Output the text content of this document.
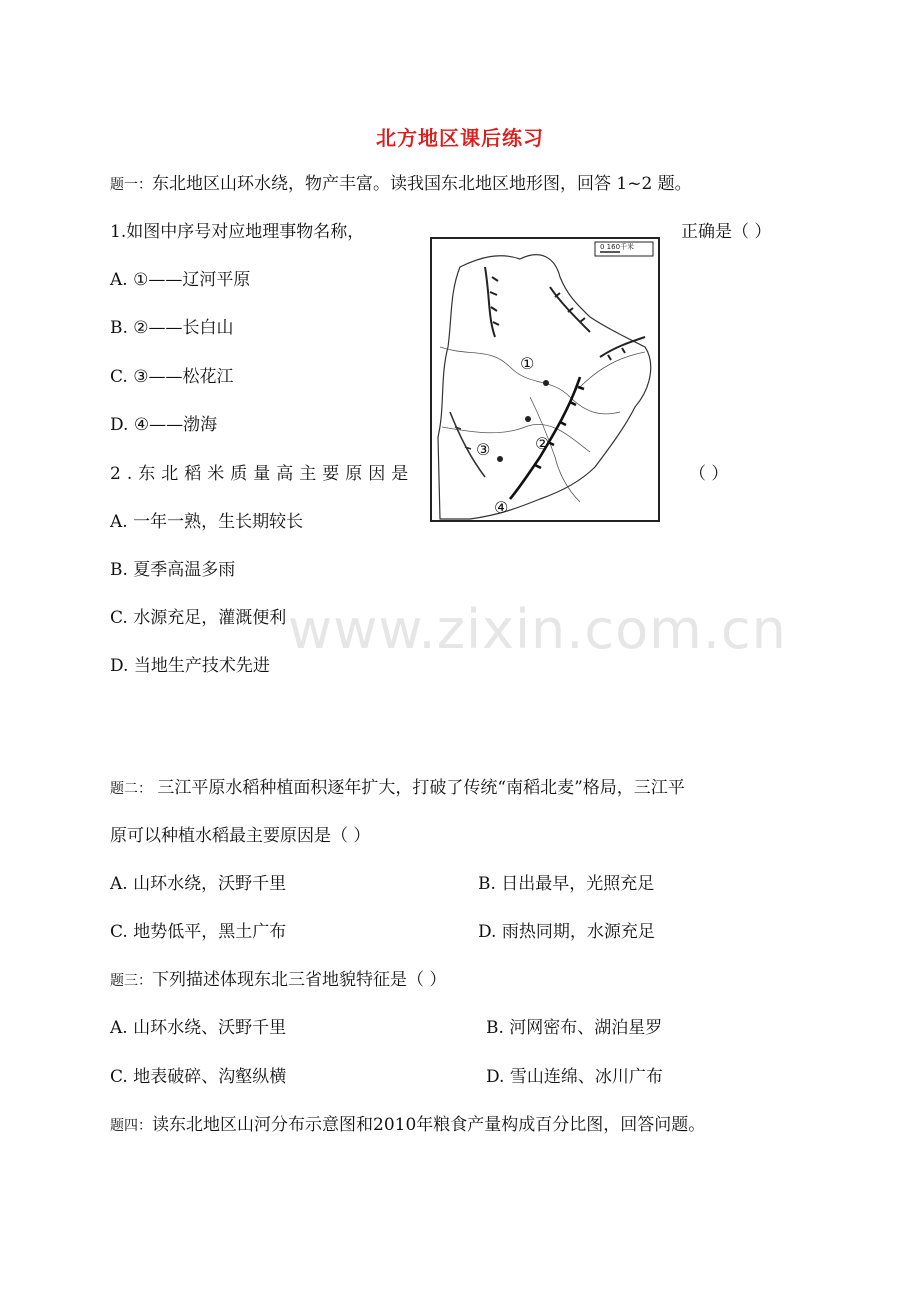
www.zixin.com.cn
北方地区课后练习
题一：东北地区山环水绕，物产丰富。读我国东北地区地形图，回答 1~2 题。
1.如图中序号对应地理事物名称，	正确是（ ）
A. ①——辽河平原
B. ②——长白山
C. ③——松花江
D. ④——渤海
2.东北稻米质量高主要原因是	（ ）
A. 一年一熟，生长期较长
B. 夏季高温多雨
C. 水源充足，灌溉便利
D. 当地生产技术先进
0 160千米
①
②
③
④
题二： 三江平原水稻种植面积逐年扩大，打破了传统“南稻北麦”格局，三江平
原可以种植水稻最主要原因是（ ）
A. 山环水绕，沃野千里	B. 日出最早，光照充足
C. 地势低平，黑土广布	D. 雨热同期，水源充足
题三：下列描述体现东北三省地貌特征是（ ）
A. 山环水绕、沃野千里	B. 河网密布、湖泊星罗
C. 地表破碎、沟壑纵横	D. 雪山连绵、冰川广布
题四：读东北地区山河分布示意图和2010年粮食产量构成百分比图，回答问题。
